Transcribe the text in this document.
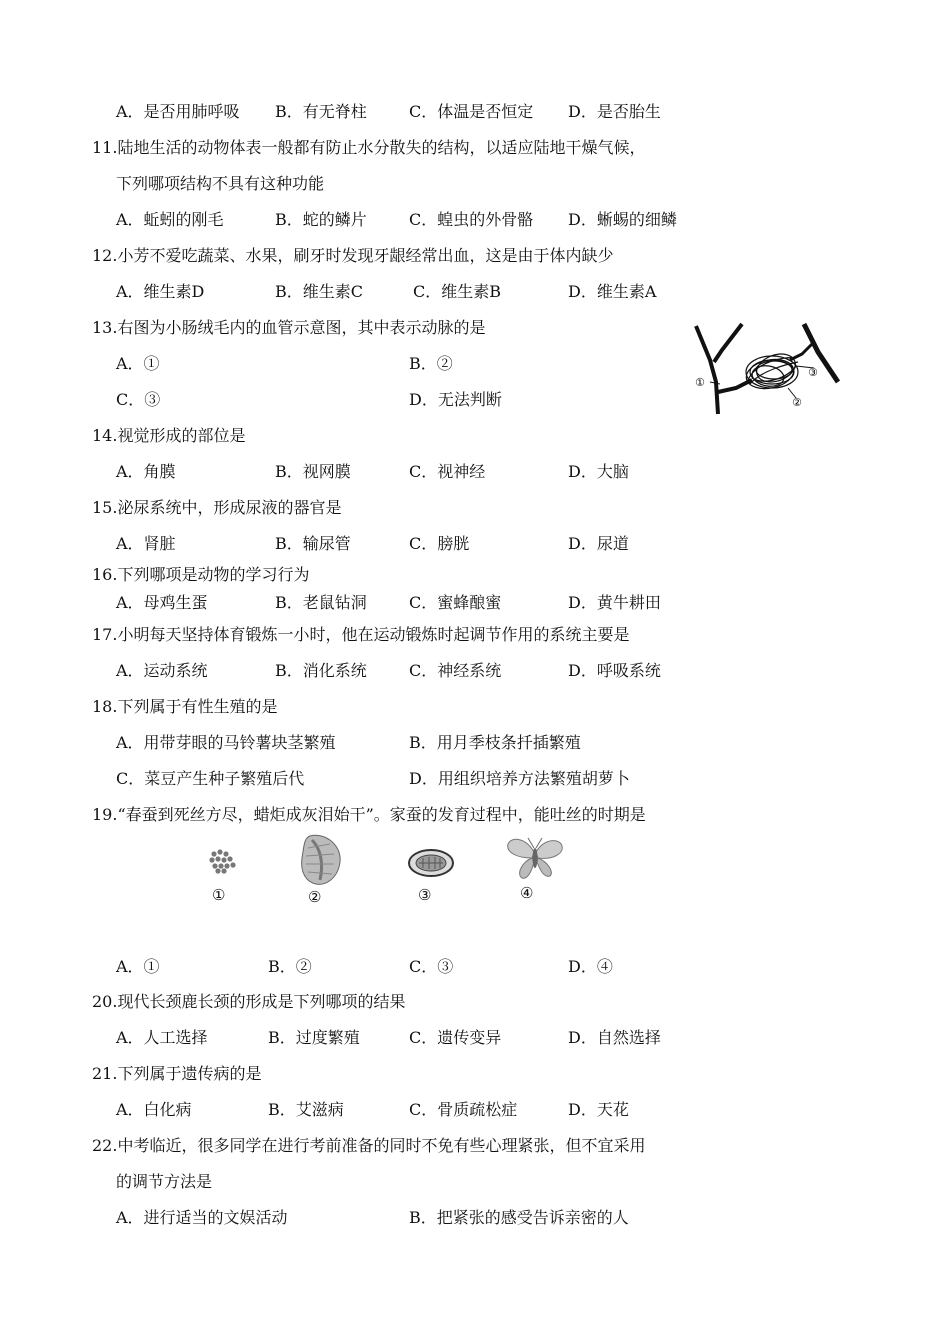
A．是否用肺呼吸 B．有无脊柱	C．体温是否恒定 D．是否胎生
11.陆地生活的动物体表一般都有防止水分散失的结构，以适应陆地干燥气候，
下列哪项结构不具有这种功能
A．蚯蚓的刚毛	B．蛇的鳞片	C．蝗虫的外骨骼 D．蜥蜴的细鳞
12.小芳不爱吃蔬菜、水果，刷牙时发现牙龈经常出血，这是由于体内缺少
A．维生素D	B．维生素C	C．维生素B	D．维生素A
13.右图为小肠绒毛内的血管示意图，其中表示动脉的是
A．①	B．②
C．③	D．无法判断
①
②
③
14.视觉形成的部位是
A．角膜	B．视网膜	C．视神经	D．大脑
15.泌尿系统中，形成尿液的器官是
A．肾脏	B．输尿管	C．膀胱	D．尿道
16.下列哪项是动物的学习行为
A．母鸡生蛋	B．老鼠钻洞	C．蜜蜂酿蜜	D．黄牛耕田
17.小明每天坚持体育锻炼一小时，他在运动锻炼时起调节作用的系统主要是
A．运动系统	B．消化系统	C．神经系统	D．呼吸系统
18.下列属于有性生殖的是
A．用带芽眼的马铃薯块茎繁殖	B．用月季枝条扦插繁殖
C．菜豆产生种子繁殖后代	D．用组织培养方法繁殖胡萝卜
19.“春蚕到死丝方尽，蜡炬成灰泪始干”。家蚕的发育过程中，能吐丝的时期是
①	②	③	④
A．①	B．②	C．③	D．④
20.现代长颈鹿长颈的形成是下列哪项的结果
A．人工选择	B．过度繁殖	C．遗传变异	D．自然选择
21.下列属于遗传病的是
A．白化病	B．艾滋病	C．骨质疏松症	D．天花
22.中考临近，很多同学在进行考前准备的同时不免有些心理紧张，但不宜采用
的调节方法是
A．进行适当的文娱活动	B．把紧张的感受告诉亲密的人
